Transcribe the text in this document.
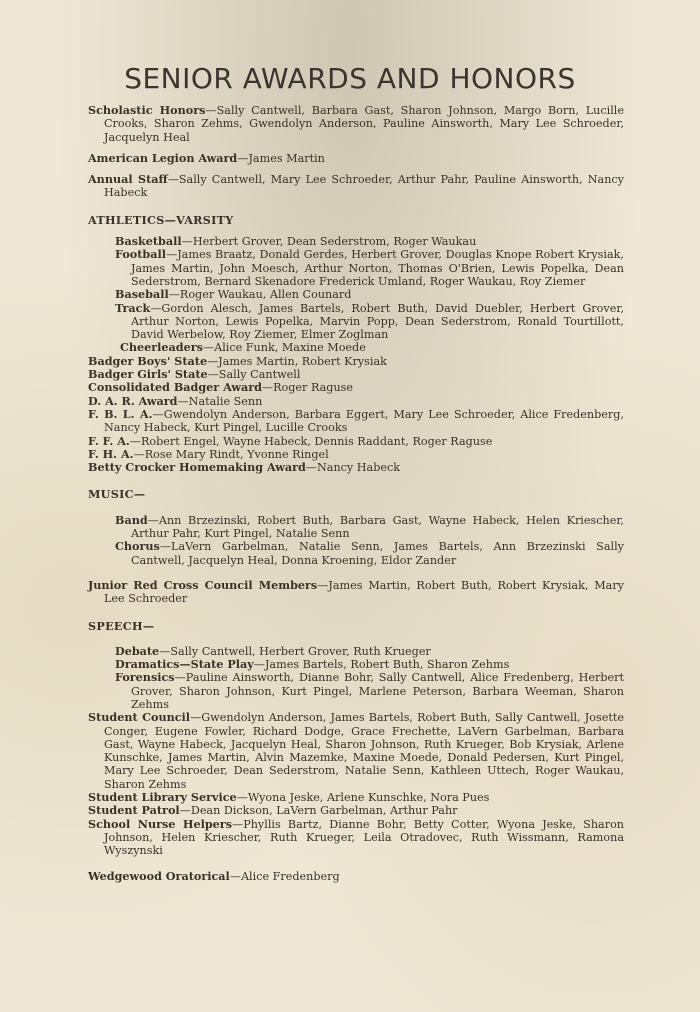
SENIOR AWARDS AND HONORS

Scholastic Honors—Sally Cantwell, Barbara Gast, Sharon Johnson, Margo Born, Lucille Crooks, Sharon Zehms, Gwendolyn Anderson, Pauline Ainsworth, Mary Lee Schroeder, Jacquelyn Heal

American Legion Award—James Martin

Annual Staff—Sally Cantwell, Mary Lee Schroeder, Arthur Pahr, Pauline Ainsworth, Nancy Habeck

ATHLETICS—VARSITY

Basketball—Herbert Grover, Dean Sederstrom, Roger Waukau

Football—James Braatz, Donald Gerdes, Herbert Grover, Douglas Knope Robert Krysiak, James Martin, John Moesch, Arthur Norton, Thomas O'Brien, Lewis Popelka, Dean Sederstrom, Bernard Skenadore Frederick Umland, Roger Waukau, Roy Ziemer

Baseball—Roger Waukau, Allen Counard

Track—Gordon Alesch, James Bartels, Robert Buth, David Duebler, Herbert Grover, Arthur Norton, Lewis Popelka, Marvin Popp, Dean Sederstrom, Ronald Tourtillott, David Werbelow, Roy Ziemer, Elmer Zoglman

Cheerleaders—Alice Funk, Maxine Moede

Badger Boys' State—James Martin, Robert Krysiak

Badger Girls' State—Sally Cantwell

Consolidated Badger Award—Roger Raguse

D. A. R. Award—Natalie Senn

F. B. L. A.—Gwendolyn Anderson, Barbara Eggert, Mary Lee Schroeder, Alice Fredenberg, Nancy Habeck, Kurt Pingel, Lucille Crooks

F. F. A.—Robert Engel, Wayne Habeck, Dennis Raddant, Roger Raguse

F. H. A.—Rose Mary Rindt, Yvonne Ringel

Betty Crocker Homemaking Award—Nancy Habeck

MUSIC—

Band—Ann Brzezinski, Robert Buth, Barbara Gast, Wayne Habeck, Helen Kriescher, Arthur Pahr, Kurt Pingel, Natalie Senn

Chorus—LaVern Garbelman, Natalie Senn, James Bartels, Ann Brzezinski Sally Cantwell, Jacquelyn Heal, Donna Kroening, Eldor Zander

Junior Red Cross Council Members—James Martin, Robert Buth, Robert Krysiak, Mary Lee Schroeder

SPEECH—

Debate—Sally Cantwell, Herbert Grover, Ruth Krueger

Dramatics—State Play—James Bartels, Robert Buth, Sharon Zehms

Forensics—Pauline Ainsworth, Dianne Bohr, Sally Cantwell, Alice Fredenberg, Herbert Grover, Sharon Johnson, Kurt Pingel, Marlene Peterson, Barbara Weeman, Sharon Zehms

Student Council—Gwendolyn Anderson, James Bartels, Robert Buth, Sally Cantwell, Josette Conger, Eugene Fowler, Richard Dodge, Grace Frechette, LaVern Garbelman, Barbara Gast, Wayne Habeck, Jacquelyn Heal, Sharon Johnson, Ruth Krueger, Bob Krysiak, Arlene Kunschke, James Martin, Alvin Mazemke, Maxine Moede, Donald Pedersen, Kurt Pingel, Mary Lee Schroeder, Dean Sederstrom, Natalie Senn, Kathleen Uttech, Roger Waukau, Sharon Zehms

Student Library Service—Wyona Jeske, Arlene Kunschke, Nora Pues

Student Patrol—Dean Dickson, LaVern Garbelman, Arthur Pahr

School Nurse Helpers—Phyllis Bartz, Dianne Bohr, Betty Cotter, Wyona Jeske, Sharon Johnson, Helen Kriescher, Ruth Krueger, Leila Otradovec, Ruth Wissmann, Ramona Wyszynski

Wedgewood Oratorical—Alice Fredenberg
